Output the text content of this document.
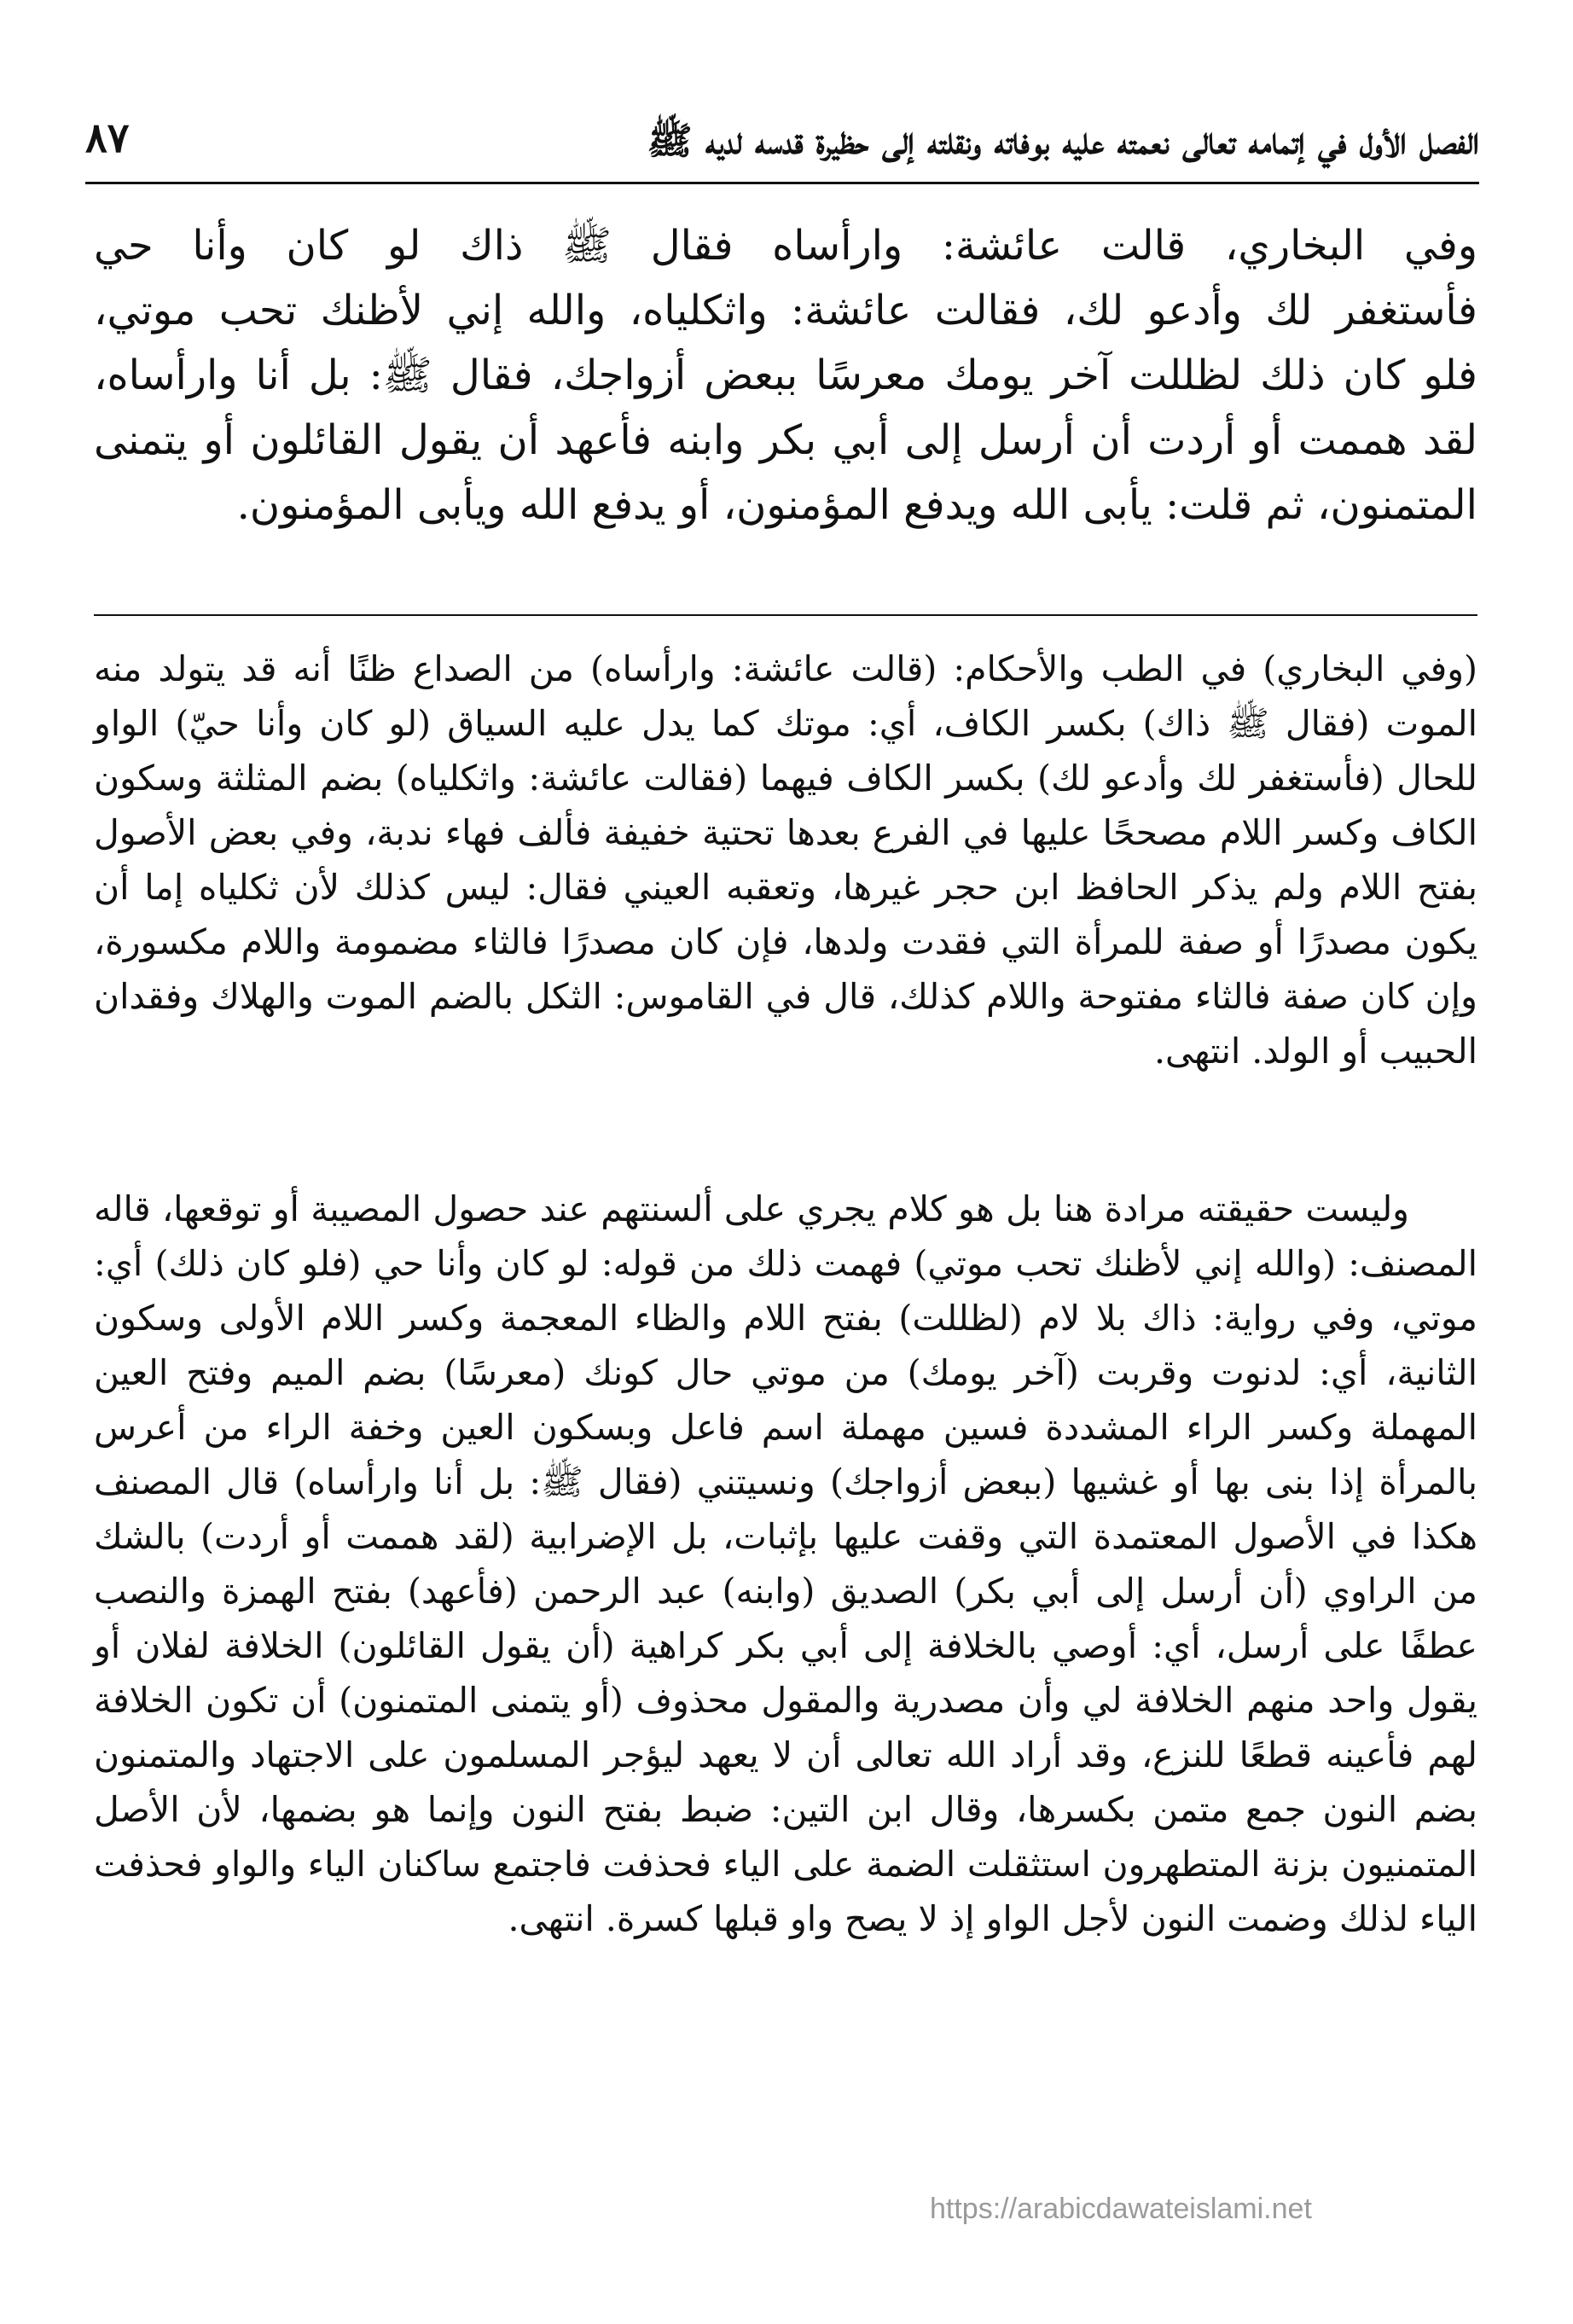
الفصل الأول في إتمامه تعالى نعمته عليه بوفاته ونقلته إلى حظيرة قدسه لديه ﷺ
٨٧
وفي البخاري، قالت عائشة: وارأساه فقال ﷺ ذاك لو كان وأنا حي
فأستغفر لك وأدعو لك، فقالت عائشة: واثكلياه، والله إني لأظنك تحب موتي،
فلو كان ذلك لظللت آخر يومك معرسًا ببعض أزواجك، فقال ﷺ: بل أنا وارأساه،
لقد هممت أو أردت أن أرسل إلى أبي بكر وابنه فأعهد أن يقول القائلون أو يتمنى
المتمنون، ثم قلت: يأبى الله ويدفع المؤمنون، أو يدفع الله ويأبى المؤمنون.

(وفي البخاري) في الطب والأحكام: (قالت عائشة: وارأساه) من الصداع ظنًا أنه قد يتولد منه الموت (فقال ﷺ ذاك) بكسر الكاف، أي: موتك كما يدل عليه السياق (لو كان وأنا حيّ) الواو للحال (فأستغفر لك وأدعو لك) بكسر الكاف فيهما (فقالت عائشة: واثكلياه) بضم المثلثة وسكون الكاف وكسر اللام مصححًا عليها في الفرع بعدها تحتية خفيفة فألف فهاء ندبة، وفي بعض الأصول بفتح اللام ولم يذكر الحافظ ابن حجر غيرها، وتعقبه العيني فقال: ليس كذلك لأن ثكلياه إما أن يكون مصدرًا أو صفة للمرأة التي فقدت ولدها، فإن كان مصدرًا فالثاء مضمومة واللام مكسورة، وإن كان صفة فالثاء مفتوحة واللام كذلك، قال في القاموس: الثكل بالضم الموت والهلاك وفقدان الحبيب أو الولد. انتهى.

وليست حقيقته مرادة هنا بل هو كلام يجري على ألسنتهم عند حصول المصيبة أو توقعها، قاله المصنف: (والله إني لأظنك تحب موتي) فهمت ذلك من قوله: لو كان وأنا حي (فلو كان ذلك) أي: موتي، وفي رواية: ذاك بلا لام (لظللت) بفتح اللام والظاء المعجمة وكسر اللام الأولى وسكون الثانية، أي: لدنوت وقربت (آخر يومك) من موتي حال كونك (معرسًا) بضم الميم وفتح العين المهملة وكسر الراء المشددة فسين مهملة اسم فاعل وبسكون العين وخفة الراء من أعرس بالمرأة إذا بنى بها أو غشيها (ببعض أزواجك) ونسيتني (فقال ﷺ: بل أنا وارأساه) قال المصنف هكذا في الأصول المعتمدة التي وقفت عليها بإثبات، بل الإضرابية (لقد هممت أو أردت) بالشك من الراوي (أن أرسل إلى أبي بكر) الصديق (وابنه) عبد الرحمن (فأعهد) بفتح الهمزة والنصب عطفًا على أرسل، أي: أوصي بالخلافة إلى أبي بكر كراهية (أن يقول القائلون) الخلافة لفلان أو يقول واحد منهم الخلافة لي وأن مصدرية والمقول محذوف (أو يتمنى المتمنون) أن تكون الخلافة لهم فأعينه قطعًا للنزع، وقد أراد الله تعالى أن لا يعهد ليؤجر المسلمون على الاجتهاد والمتمنون بضم النون جمع متمن بكسرها، وقال ابن التين: ضبط بفتح النون وإنما هو بضمها، لأن الأصل المتمنيون بزنة المتطهرون استثقلت الضمة على الياء فحذفت فاجتمع ساكنان الياء والواو فحذفت الياء لذلك وضمت النون لأجل الواو إذ لا يصح واو قبلها كسرة. انتهى.

https://arabicdawateislami.net
